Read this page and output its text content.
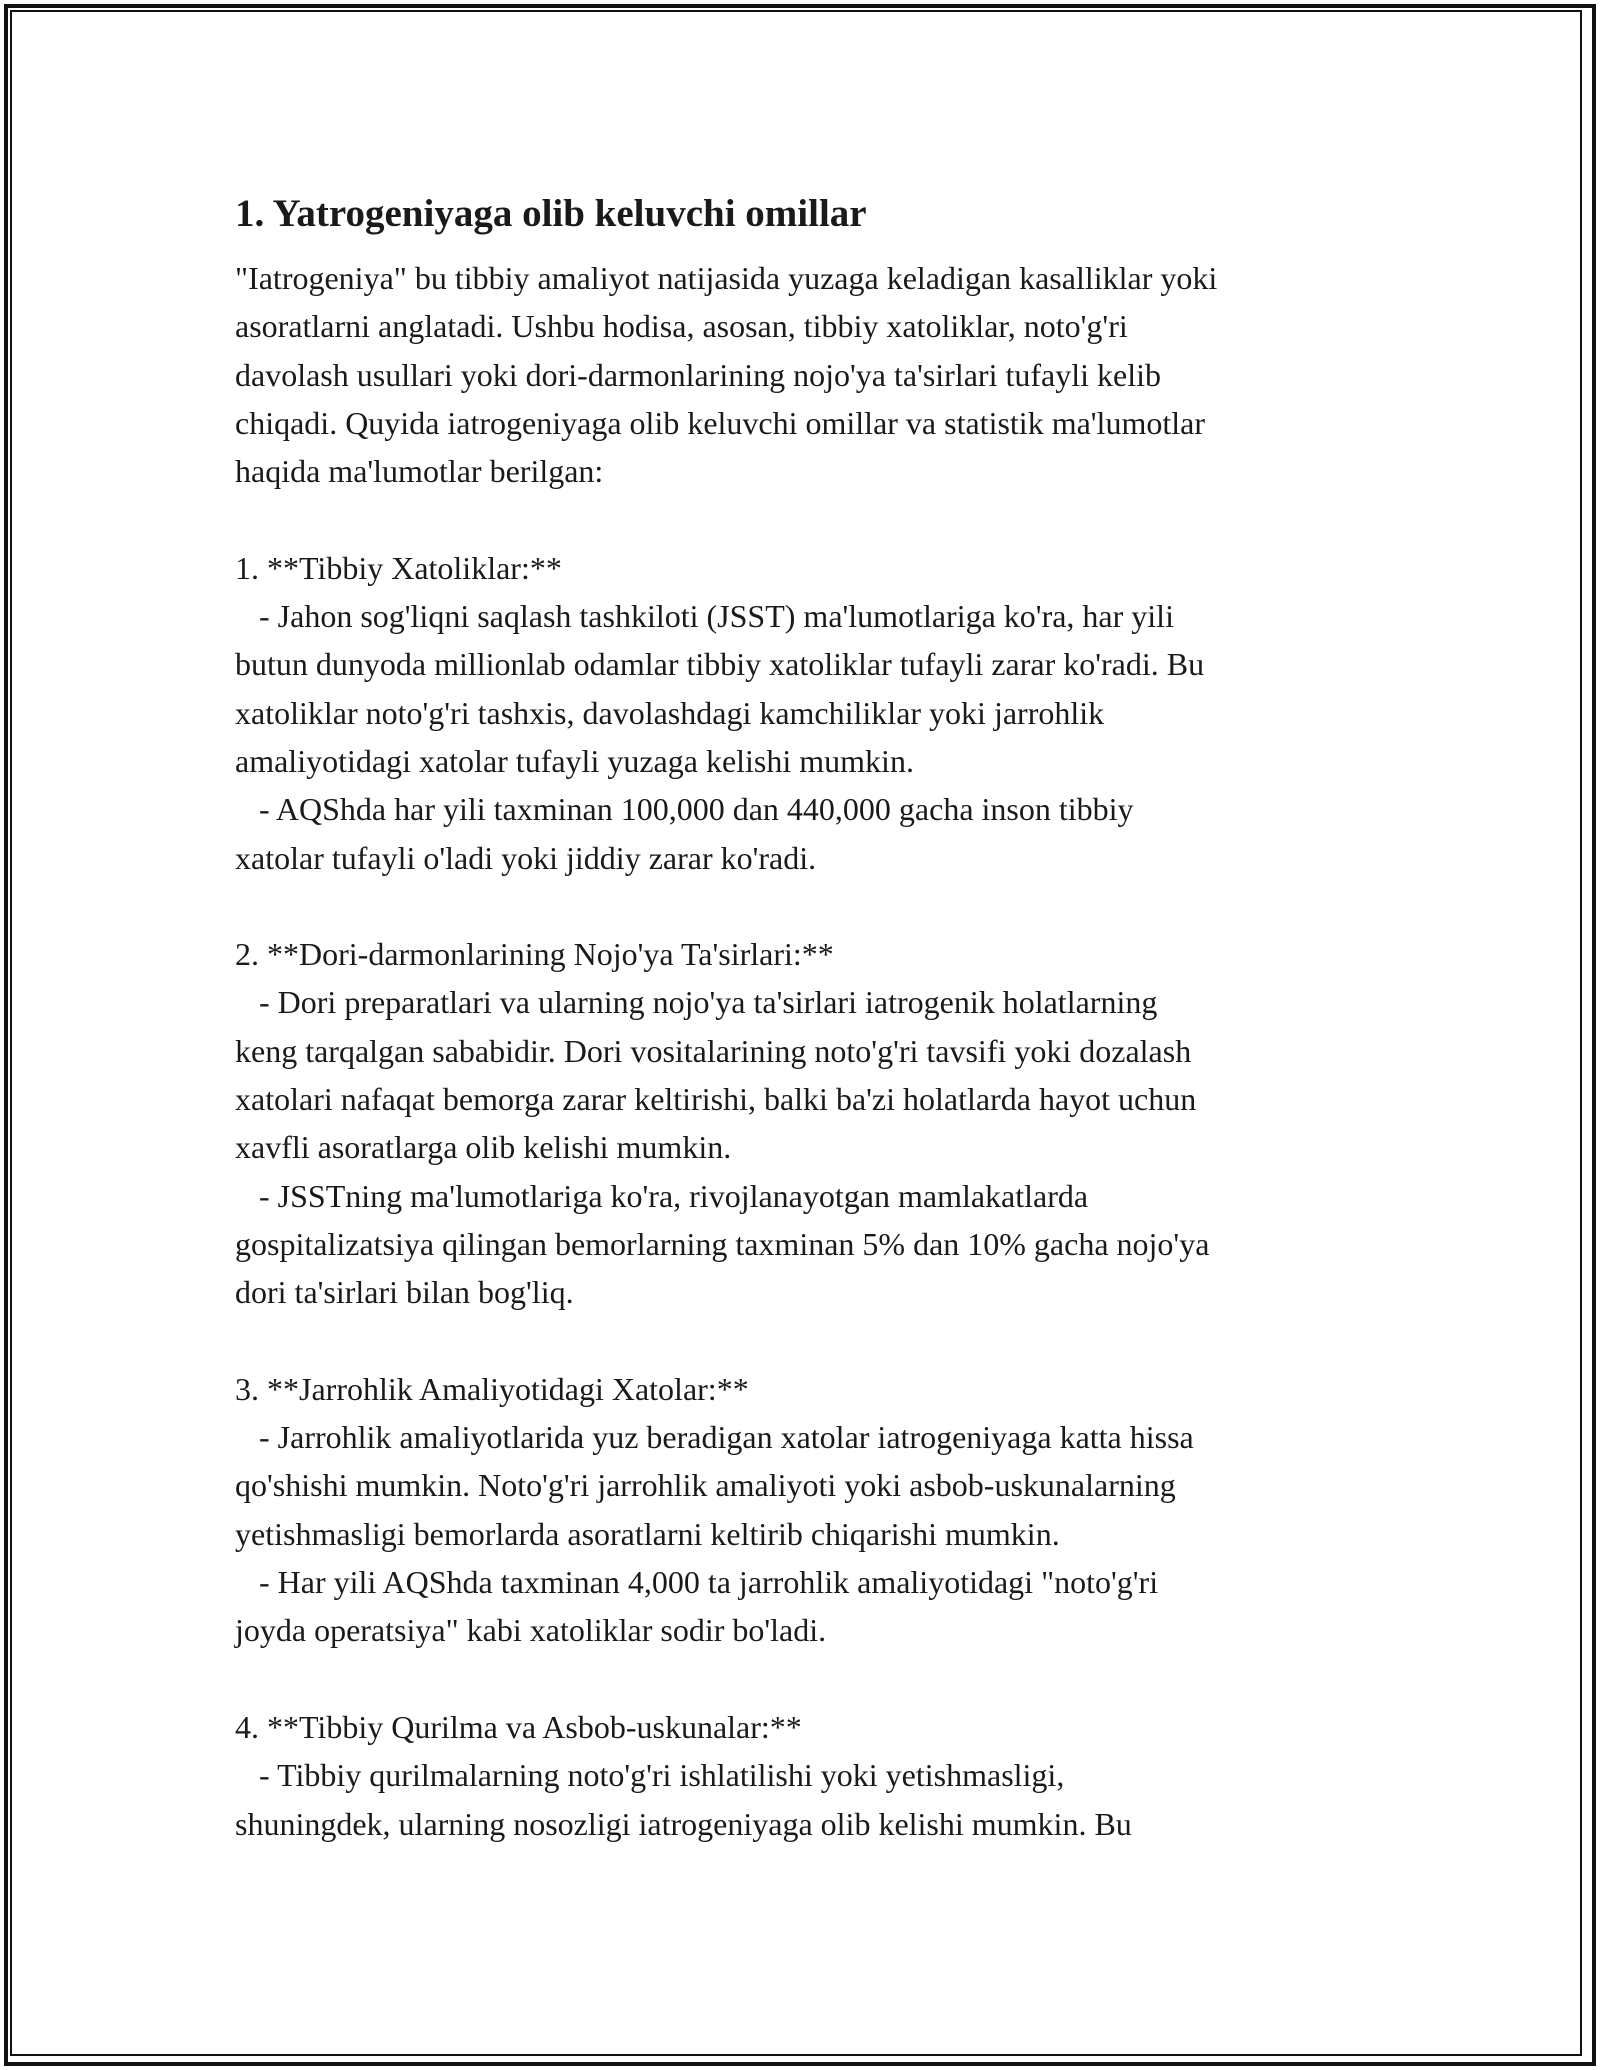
1. Yatrogeniyaga olib keluvchi omillar

"Iatrogeniya" bu tibbiy amaliyot natijasida yuzaga keladigan kasalliklar yoki
asoratlarni anglatadi. Ushbu hodisa, asosan, tibbiy xatoliklar, noto'g'ri
davolash usullari yoki dori-darmonlarining nojo'ya ta'sirlari tufayli kelib
chiqadi. Quyida iatrogeniyaga olib keluvchi omillar va statistik ma'lumotlar
haqida ma'lumotlar berilgan:

1. **Tibbiy Xatoliklar:**
- Jahon sog'liqni saqlash tashkiloti (JSST) ma'lumotlariga ko'ra, har yili
butun dunyoda millionlab odamlar tibbiy xatoliklar tufayli zarar ko'radi. Bu
xatoliklar noto'g'ri tashxis, davolashdagi kamchiliklar yoki jarrohlik
amaliyotidagi xatolar tufayli yuzaga kelishi mumkin.
- AQShda har yili taxminan 100,000 dan 440,000 gacha inson tibbiy
xatolar tufayli o'ladi yoki jiddiy zarar ko'radi.

2. **Dori-darmonlarining Nojo'ya Ta'sirlari:**
- Dori preparatlari va ularning nojo'ya ta'sirlari iatrogenik holatlarning
keng tarqalgan sababidir. Dori vositalarining noto'g'ri tavsifi yoki dozalash
xatolari nafaqat bemorga zarar keltirishi, balki ba'zi holatlarda hayot uchun
xavfli asoratlarga olib kelishi mumkin.
- JSSTning ma'lumotlariga ko'ra, rivojlanayotgan mamlakatlarda
gospitalizatsiya qilingan bemorlarning taxminan 5% dan 10% gacha nojo'ya
dori ta'sirlari bilan bog'liq.

3. **Jarrohlik Amaliyotidagi Xatolar:**
- Jarrohlik amaliyotlarida yuz beradigan xatolar iatrogeniyaga katta hissa
qo'shishi mumkin. Noto'g'ri jarrohlik amaliyoti yoki asbob-uskunalarning
yetishmasligi bemorlarda asoratlarni keltirib chiqarishi mumkin.
- Har yili AQShda taxminan 4,000 ta jarrohlik amaliyotidagi "noto'g'ri
joyda operatsiya" kabi xatoliklar sodir bo'ladi.

4. **Tibbiy Qurilma va Asbob-uskunalar:**
- Tibbiy qurilmalarning noto'g'ri ishlatilishi yoki yetishmasligi,
shuningdek, ularning nosozligi iatrogeniyaga olib kelishi mumkin. Bu
